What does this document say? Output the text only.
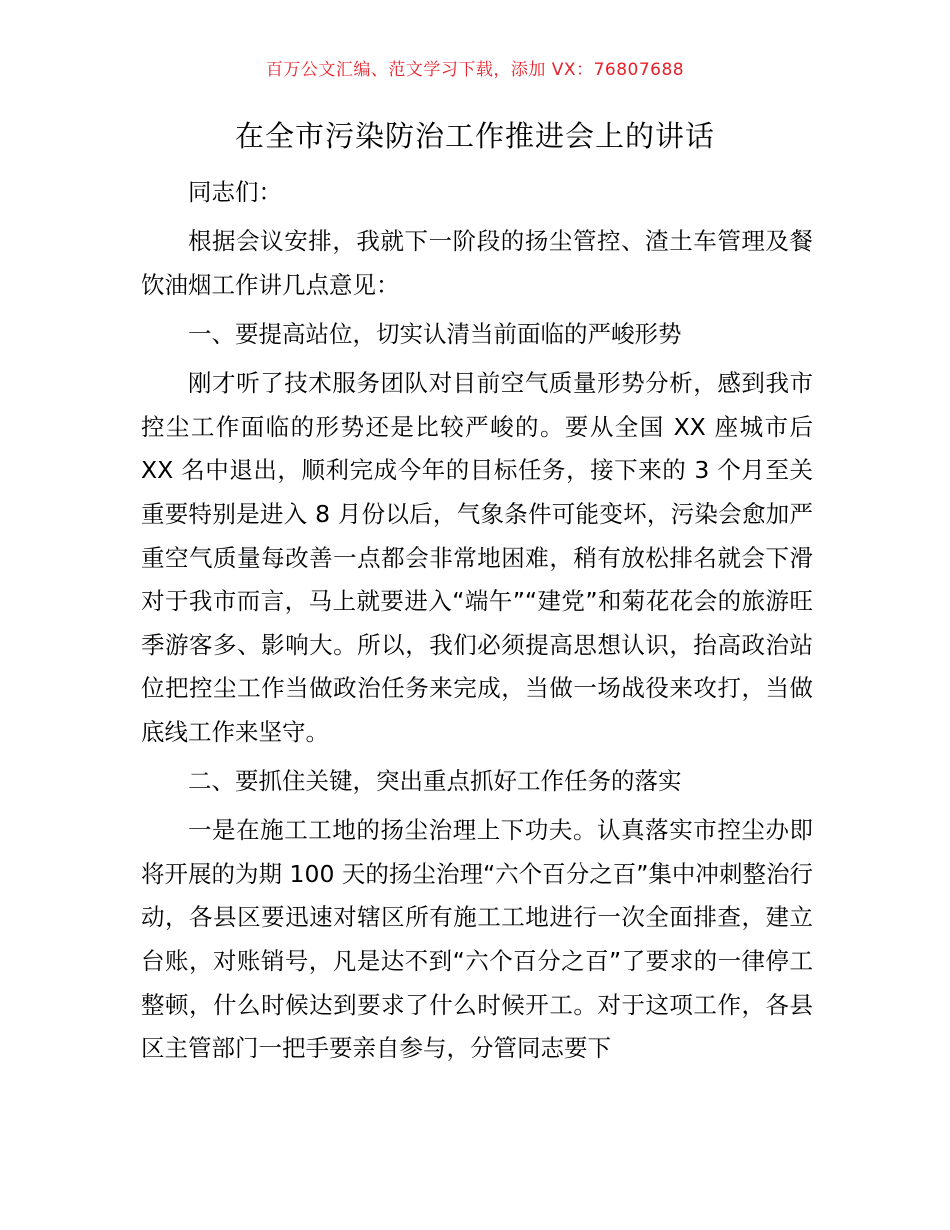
百万公文汇编、范文学习下载，添加 VX：76807688
在全市污染防治工作推进会上的讲话

同志们：

根据会议安排，我就下一阶段的扬尘管控、渣土车管理及餐饮油烟工作讲几点意见：

一、要提高站位，切实认清当前面临的严峻形势

刚才听了技术服务团队对目前空气质量形势分析，感到我市控尘工作面临的形势还是比较严峻的。要从全国 XX 座城市后 XX 名中退出，顺利完成今年的目标任务，接下来的 3 个月至关重要特别是进入 8 月份以后，气象条件可能变坏，污染会愈加严重空气质量每改善一点都会非常地困难，稍有放松排名就会下滑对于我市而言，马上就要进入“端午”“建党”和菊花花会的旅游旺季游客多、影响大。所以，我们必须提高思想认识，抬高政治站位把控尘工作当做政治任务来完成，当做一场战役来攻打，当做底线工作来坚守。

二、要抓住关键，突出重点抓好工作任务的落实

一是在施工工地的扬尘治理上下功夫。认真落实市控尘办即将开展的为期 100 天的扬尘治理“六个百分之百”集中冲刺整治行动，各县区要迅速对辖区所有施工工地进行一次全面排查，建立台账，对账销号，凡是达不到“六个百分之百”了要求的一律停工整顿，什么时候达到要求了什么时候开工。对于这项工作，各县区主管部门一把手要亲自参与，分管同志要下
